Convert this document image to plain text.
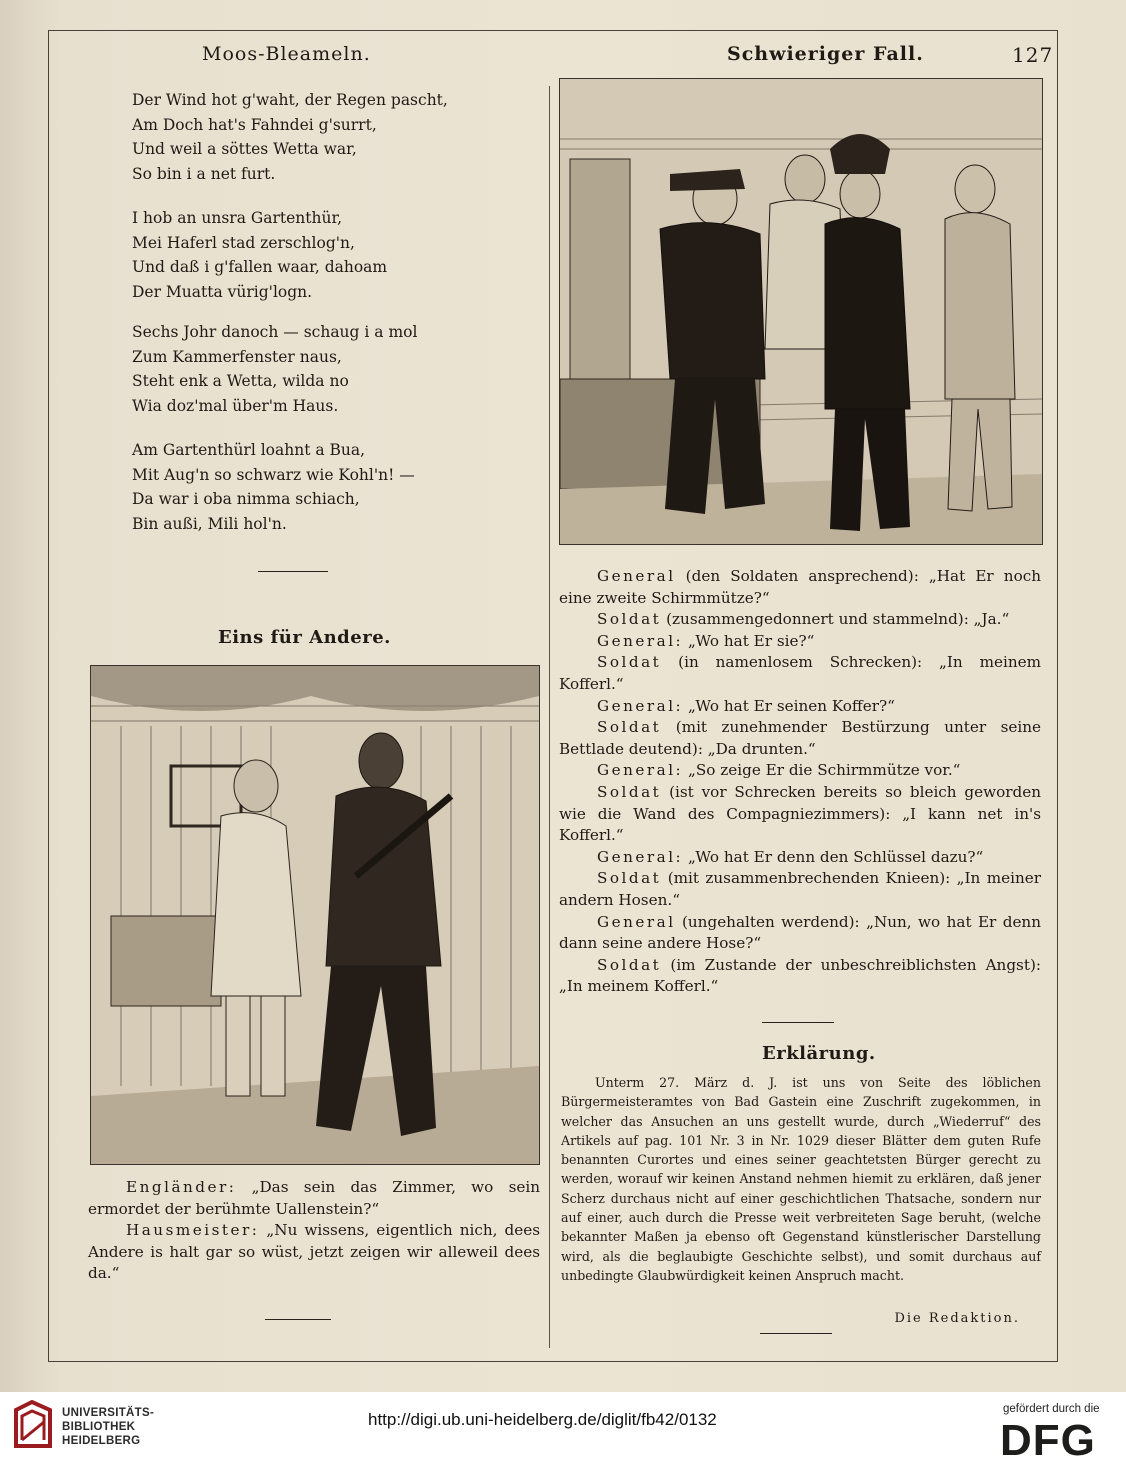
Moos-Bleameln.	Schwieriger Fall.	127
Der Wind hot g'waht, der Regen pascht,
Am Doch hat's Fahndei g'surrt,
Und weil a söttes Wetta war,
So bin i a net furt.
I hob an unsra Gartenthür,
Mei Haferl stad zerschlog'n,
Und daß i g'fallen waar, dahoam
Der Muatta vürig'logn.
Sechs Johr danoch — schaug i a mol
Zum Kammerfenster naus,
Steht enk a Wetta, wilda no
Wia doz'mal über'm Haus.
Am Gartenthürl loahnt a Bua,
Mit Aug'n so schwarz wie Kohl'n! —
Da war i oba nimma schiach,
Bin außi, Mili hol'n.
Eins für Andere.

Engländer: „Das sein das Zimmer, wo sein ermordet der berühmte Uallenstein?“

Hausmeister: „Nu wissens, eigentlich nich, dees Andere is halt gar so wüst, jetzt zeigen wir alleweil dees da.“

General (den Soldaten ansprechend): „Hat Er noch eine zweite Schirmmütze?“

Soldat (zusammengedonnert und stammelnd): „Ja.“

General: „Wo hat Er sie?“

Soldat (in namenlosem Schrecken): „In meinem Kofferl.“

General: „Wo hat Er seinen Koffer?“

Soldat (mit zunehmender Bestürzung unter seine Bettlade deutend): „Da drunten.“

General: „So zeige Er die Schirmmütze vor.“

Soldat (ist vor Schrecken bereits so bleich geworden wie die Wand des Compagniezimmers): „I kann net in's Kofferl.“

General: „Wo hat Er denn den Schlüssel dazu?“

Soldat (mit zusammenbrechenden Knieen): „In meiner andern Hosen.“

General (ungehalten werdend): „Nun, wo hat Er denn dann seine andere Hose?“

Soldat (im Zustande der unbeschreiblichsten Angst): „In meinem Kofferl.“

Erklärung.

Unterm 27. März d. J. ist uns von Seite des löblichen Bürgermeisteramtes von Bad Gastein eine Zuschrift zugekommen, in welcher das Ansuchen an uns gestellt wurde, durch „Wiederruf“ des Artikels auf pag. 101 Nr. 3 in Nr. 1029 dieser Blätter dem guten Rufe benannten Curortes und eines seiner geachtetsten Bürger gerecht zu werden, worauf wir keinen Anstand nehmen hiemit zu erklären, daß jener Scherz durchaus nicht auf einer geschichtlichen Thatsache, sondern nur auf einer, auch durch die Presse weit verbreiteten Sage beruht, (welche bekannter Maßen ja ebenso oft Gegenstand künstlerischer Darstellung wird, als die beglaubigte Geschichte selbst), und somit durchaus auf unbedingte Glaubwürdigkeit keinen Anspruch macht.

Die Redaktion.
UNIVERSITÄTS-
BIBLIOTHEK
HEIDELBERG
http://digi.ub.uni-heidelberg.de/diglit/fb42/0132
gefördert durch die
DFG
